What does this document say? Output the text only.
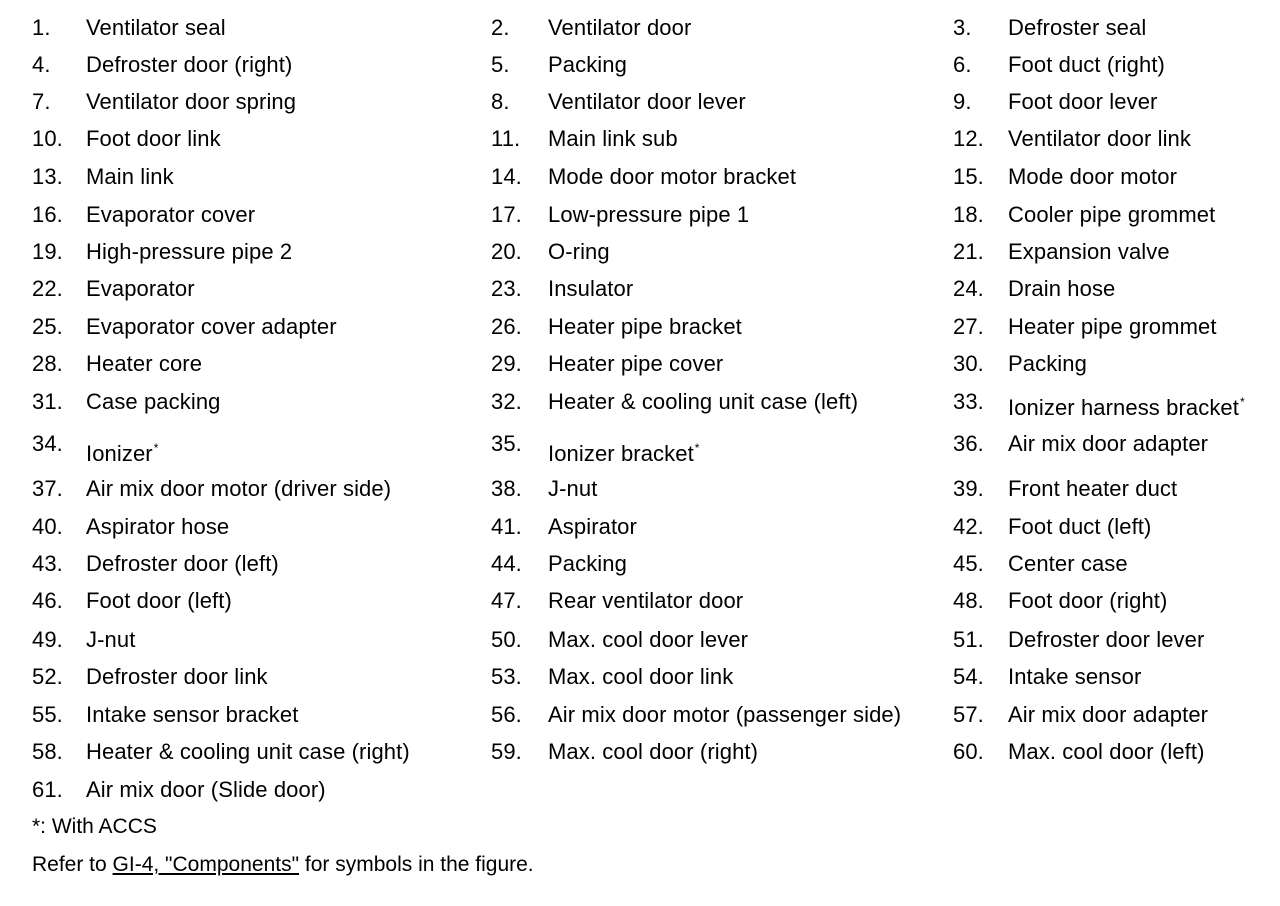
1. Ventilator seal	2. Ventilator door	3. Defroster seal
4. Defroster door (right)	5. Packing	6. Foot duct (right)
7. Ventilator door spring	8. Ventilator door lever	9. Foot door lever
10. Foot door link	11. Main link sub	12. Ventilator door link
13. Main link	14. Mode door motor bracket	15. Mode door motor
16. Evaporator cover	17. Low-pressure pipe 1	18. Cooler pipe grommet
19. High-pressure pipe 2	20. O-ring	21. Expansion valve
22. Evaporator	23. Insulator	24. Drain hose
25. Evaporator cover adapter	26. Heater pipe bracket	27. Heater pipe grommet
28. Heater core	29. Heater pipe cover	30. Packing
31. Case packing	32. Heater & cooling unit case (left)	33. Ionizer harness bracket*
34. Ionizer*	35. Ionizer bracket*	36. Air mix door adapter
37. Air mix door motor (driver side)	38. J-nut	39. Front heater duct
40. Aspirator hose	41. Aspirator	42. Foot duct (left)
43. Defroster door (left)	44. Packing	45. Center case
46. Foot door (left)	47. Rear ventilator door	48. Foot door (right)
49. J-nut	50. Max. cool door lever	51. Defroster door lever
52. Defroster door link	53. Max. cool door link	54. Intake sensor
55. Intake sensor bracket	56. Air mix door motor (passenger side) 57. Air mix door adapter
58. Heater & cooling unit case (right)	59. Max. cool door (right)	60. Max. cool door (left)
61. Air mix door (Slide door)
*: With ACCS
Refer to GI-4, "Components" for symbols in the figure.
